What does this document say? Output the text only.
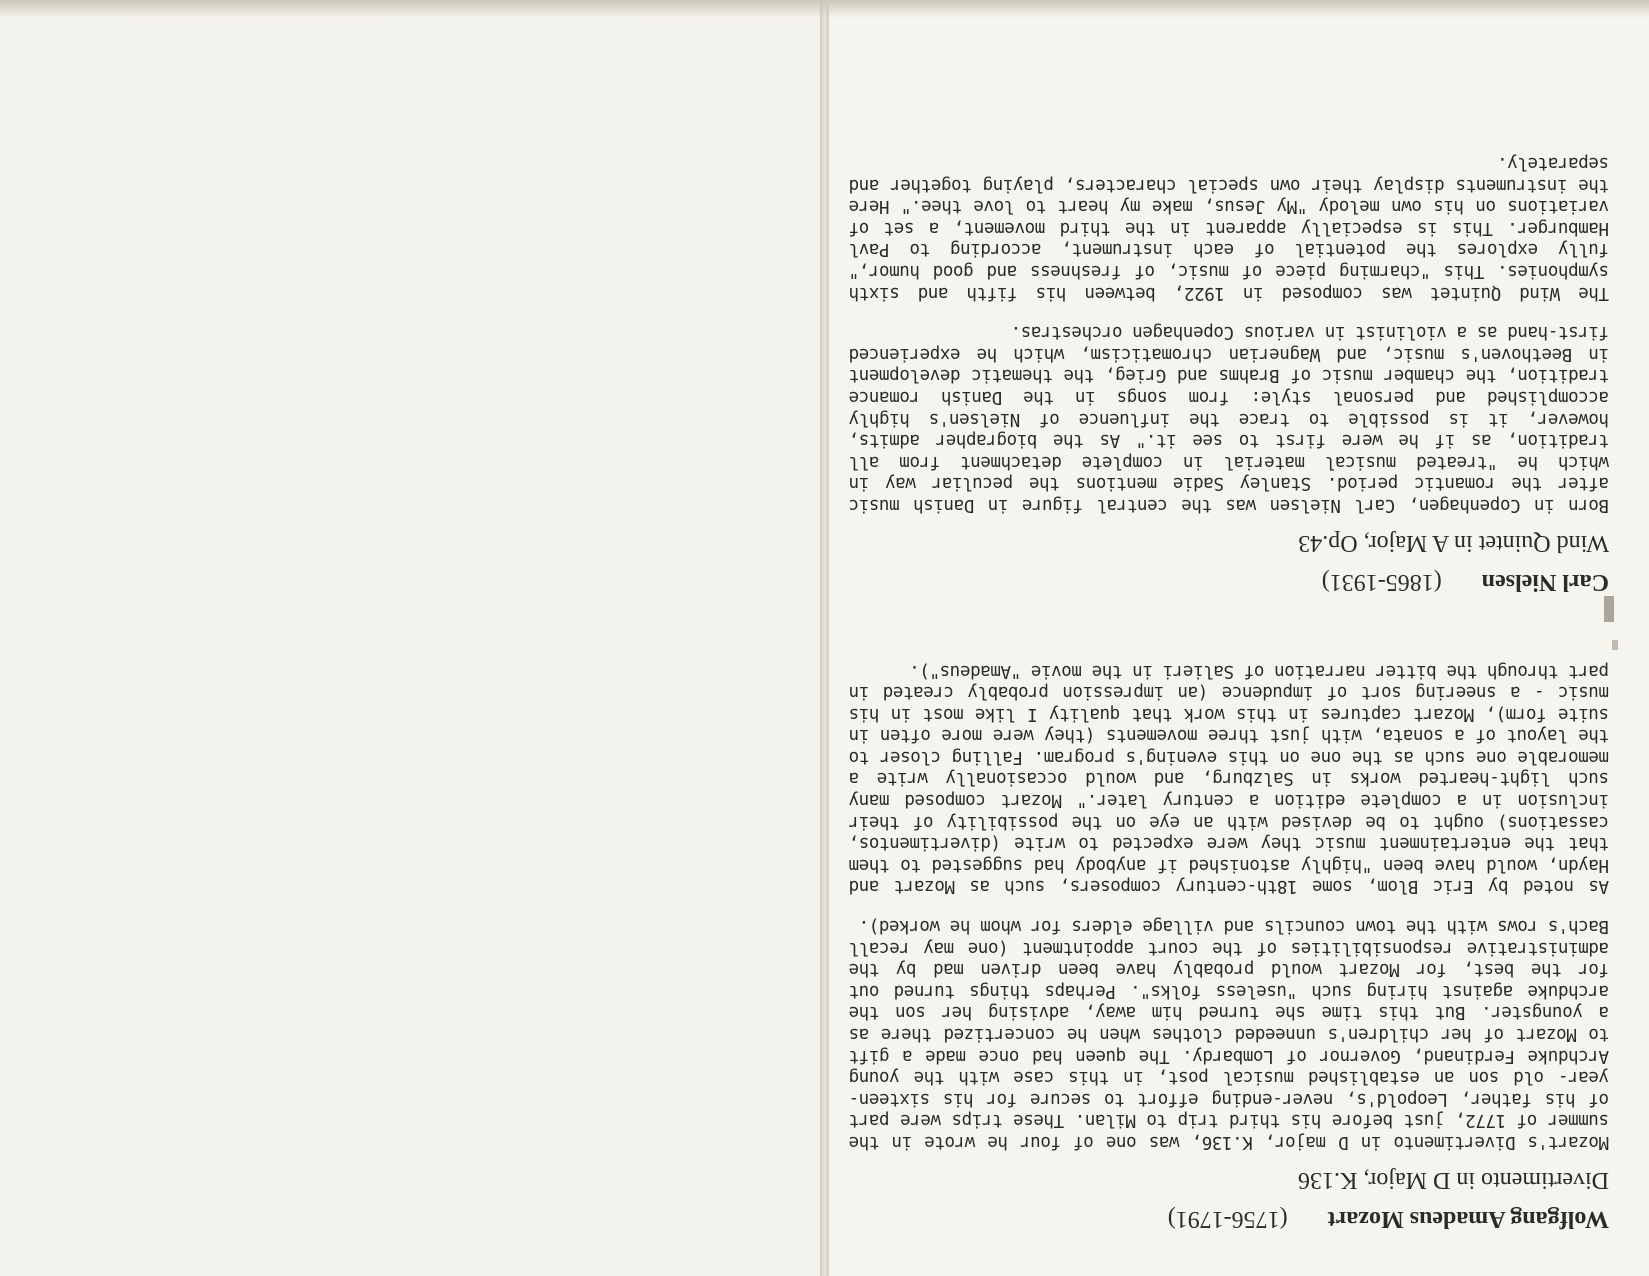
Wolfgang Amadeus Mozart
(1756-1791)
Divertimento in D Major, K.136

Mozart's Divertimento in D major, K.136, was one of four he wrote in the summer of 1772, just before his third trip to Milan. These trips were part of his father, Leopold's, never-ending effort to secure for his sixteen-year- old son an established musical post, in this case with the young Archduke Ferdinand, Governor of Lombardy. The queen had once made a gift to Mozart of her children's unneeded clothes when he concertized there as a youngster. But this time she turned him away, advising her son the archduke against hiring such "useless folks". Perhaps things turned out for the best, for Mozart would probably have been driven mad by the administrative responsibilities of the court appointment (one may recall Bach's rows with the town councils and village elders for whom he worked).

As noted by Eric Blom, some 18th-century composers, such as Mozart and Haydn, would have been "highly astonished if anybody had suggested to them that the entertainment music they were expected to write (divertimentos, cassations) ought to be devised with an eye on the possibility of their inclusion in a complete edition a century later." Mozart composed many such light-hearted works in Salzburg, and would occasionally write a memorable one such as the one on this evening's program. Falling closer to the layout of a sonata, with just three movements (they were more often in suite form), Mozart captures in this work that quality I like most in his music - a sneering sort of impudence (an impression probably created in part through the bitter narration of Salieri in the movie "Amadeus").

Carl Nielsen
(1865-1931)
Wind Quintet in A Major, Op.43

Born in Copenhagen, Carl Nielsen was the central figure in Danish music after the romantic period. Stanley Sadie mentions the peculiar way in which he "treated musical material in complete detachment from all tradition, as if he were first to see it." As the biographer admits, however, it is possible to trace the influence of Nielsen's highly accomplished and personal style: from songs in the Danish romance tradition, the chamber music of Brahms and Grieg, the thematic development in Beethoven's music, and Wagnerian chromaticism, which he experienced first-hand as a violinist in various Copenhagen orchestras.

The Wind Quintet was composed in 1922, between his fifth and sixth symphonies. This "charming piece of music, of freshness and good humor," fully explores the potential of each instrument, according to Pavl Hamburger. This is especially apparent in the third movement, a set of variations on his own melody "My Jesus, make my heart to love thee." Here the instruments display their own special characters, playing together and separately.
